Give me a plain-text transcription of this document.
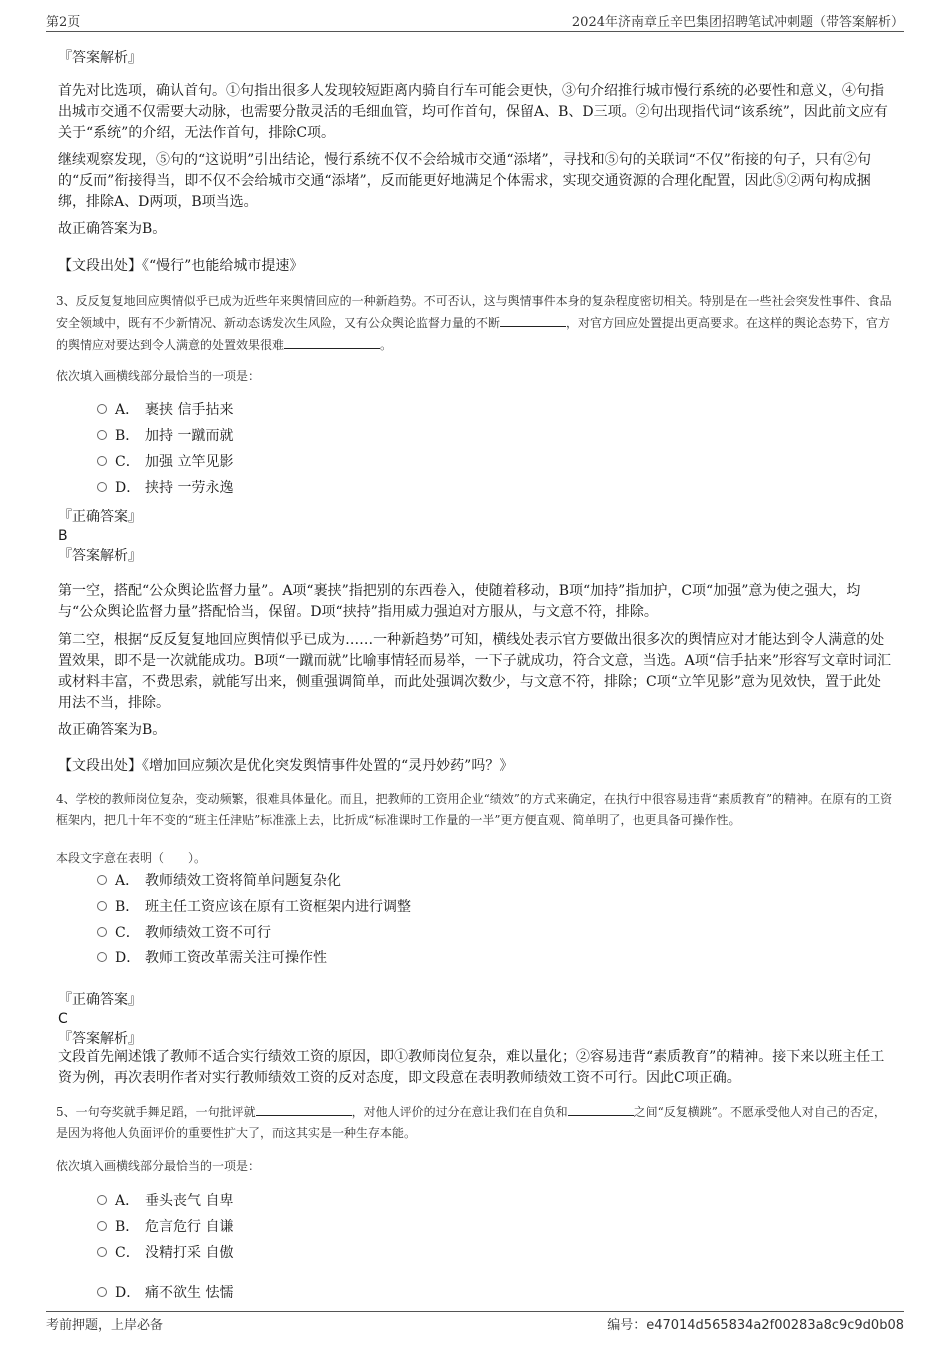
第2页	2024年济南章丘辛巴集团招聘笔试冲刺题（带答案解析）
『答案解析』

首先对比选项，确认首句。①句指出很多人发现较短距离内骑自行车可能会更快，③句介绍推行城市慢行系统的必要性和意义，④句指出城市交通不仅需要大动脉，也需要分散灵活的毛细血管，均可作首句，保留A、B、D三项。②句出现指代词“该系统”，因此前文应有关于“系统”的介绍，无法作首句，排除C项。

继续观察发现，⑤句的“这说明”引出结论，慢行系统不仅不会给城市交通“添堵”，寻找和⑤句的关联词“不仅”衔接的句子，只有②句的“反而”衔接得当，即不仅不会给城市交通“添堵”，反而能更好地满足个体需求，实现交通资源的合理化配置，因此⑤②两句构成捆绑，排除A、D两项，B项当选。

故正确答案为B。
【文段出处】《“慢行”也能给城市提速》

3、反反复复地回应舆情似乎已成为近些年来舆情回应的一种新趋势。不可否认，这与舆情事件本身的复杂程度密切相关。特别是在一些社会突发性事件、食品安全领域中，既有不少新情况、新动态诱发次生风险，又有公众舆论监督力量的不断	，对官方回应处置提出更高要求。在这样的舆论态势下，官方的舆情应对要达到令人满意的处置效果很难	。

依次填入画横线部分最恰当的一项是：
A． 裹挟 信手拈来
B． 加持 一蹴而就
C． 加强 立竿见影
D． 挟持 一劳永逸
『正确答案』
B
『答案解析』

第一空，搭配“公众舆论监督力量”。A项“裹挟”指把别的东西卷入，使随着移动，B项“加持”指加护，C项“加强”意为使之强大，均与“公众舆论监督力量”搭配恰当，保留。D项“挟持”指用威力强迫对方服从，与文意不符，排除。

第二空，根据“反反复复地回应舆情似乎已成为……一种新趋势”可知，横线处表示官方要做出很多次的舆情应对才能达到令人满意的处置效果，即不是一次就能成功。B项“一蹴而就”比喻事情轻而易举，一下子就成功，符合文意，当选。A项“信手拈来”形容写文章时词汇或材料丰富，不费思索，就能写出来，侧重强调简单，而此处强调次数少，与文意不符，排除；C项“立竿见影”意为见效快，置于此处用法不当，排除。

故正确答案为B。
【文段出处】《增加回应频次是优化突发舆情事件处置的“灵丹妙药”吗？》

4、学校的教师岗位复杂，变动频繁，很难具体量化。而且，把教师的工资用企业“绩效”的方式来确定，在执行中很容易违背“素质教育”的精神。在原有的工资框架内，把几十年不变的“班主任津贴”标准涨上去，比折成“标准课时工作量的一半”更方便直观、简单明了，也更具备可操作性。

本段文字意在表明（　　）。
A． 教师绩效工资将简单问题复杂化
B． 班主任工资应该在原有工资框架内进行调整
C． 教师绩效工资不可行
D． 教师工资改革需关注可操作性
『正确答案』
C
『答案解析』

文段首先阐述饿了教师不适合实行绩效工资的原因，即①教师岗位复杂，难以量化；②容易违背“素质教育”的精神。接下来以班主任工资为例，再次表明作者对实行教师绩效工资的反对态度，即文段意在表明教师绩效工资不可行。因此C项正确。

5、一句夸奖就手舞足蹈，一句批评就	，对他人评价的过分在意让我们在自负和	之间“反复横跳”。不愿承受他人对自己的否定，是因为将他人负面评价的重要性扩大了，而这其实是一种生存本能。

依次填入画横线部分最恰当的一项是：
A． 垂头丧气 自卑
B． 危言危行 自谦
C． 没精打采 自傲
D． 痛不欲生 怯懦
考前押题，上岸必备	编号：e47014d565834a2f00283a8c9c9d0b08
